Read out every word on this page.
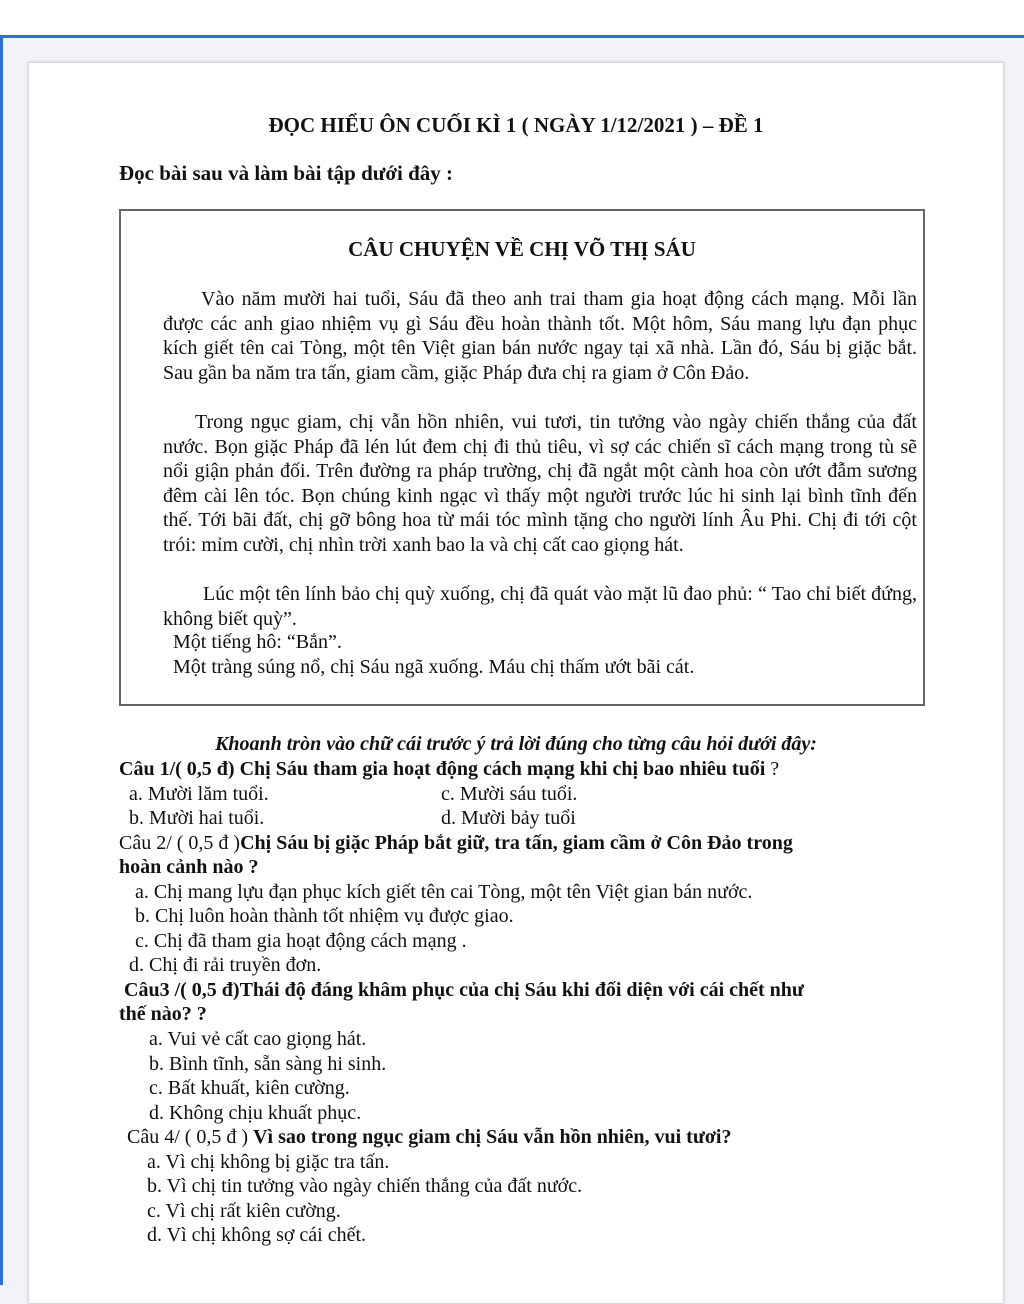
ĐỌC HIỂU ÔN CUỐI KÌ 1 ( NGÀY 1/12/2021 ) – ĐỀ 1
Đọc bài sau và làm bài tập dưới đây :
CÂU CHUYỆN VỀ CHỊ VÕ THỊ SÁU

Vào năm mười hai tuổi, Sáu đã theo anh trai tham gia hoạt động cách mạng. Mỗi lần được các anh giao nhiệm vụ gì Sáu đều hoàn thành tốt. Một hôm, Sáu mang lựu đạn phục kích giết tên cai Tòng, một tên Việt gian bán nước ngay tại xã nhà. Lần đó, Sáu bị giặc bắt. Sau gần ba năm tra tấn, giam cầm, giặc Pháp đưa chị ra giam ở Côn Đảo.

Trong ngục giam, chị vẫn hồn nhiên, vui tươi, tin tưởng vào ngày chiến thắng của đất nước. Bọn giặc Pháp đã lén lút đem chị đi thủ tiêu, vì sợ các chiến sĩ cách mạng trong tù sẽ nổi giận phản đối. Trên đường ra pháp trường, chị đã ngắt một cành hoa còn ướt đẫm sương đêm cài lên tóc. Bọn chúng kinh ngạc vì thấy một người trước lúc hi sinh lại bình tĩnh đến thế. Tới bãi đất, chị gỡ bông hoa từ mái tóc mình tặng cho người lính Âu Phi. Chị đi tới cột trói: mỉm cười, chị nhìn trời xanh bao la và chị cất cao giọng hát.

Lúc một tên lính bảo chị quỳ xuống, chị đã quát vào mặt lũ đao phủ: “ Tao chỉ biết đứng, không biết quỳ”.

Một tiếng hô: “Bắn”.
Một tràng súng nổ, chị Sáu ngã xuống. Máu chị thấm ướt bãi cát.
Khoanh tròn vào chữ cái trước ý trả lời đúng cho từng câu hỏi dưới đây:
Câu 1/( 0,5 đ) Chị Sáu tham gia hoạt động cách mạng khi chị bao nhiêu tuổi ?
a. Mười lăm tuổi.	c. Mười sáu tuổi.
b. Mười hai tuổi.	d. Mười bảy tuổi
Câu 2/ ( 0,5 đ )Chị Sáu bị giặc Pháp bắt giữ, tra tấn, giam cầm ở Côn Đảo trong
hoàn cảnh nào ?
a. Chị mang lựu đạn phục kích giết tên cai Tòng, một tên Việt gian bán nước.
b. Chị luôn hoàn thành tốt nhiệm vụ được giao.
c. Chị đã tham gia hoạt động cách mạng .
d. Chị đi rải truyền đơn.
Câu3 /( 0,5 đ)Thái độ đáng khâm phục của chị Sáu khi đối diện với cái chết như
thế nào? ?
a. Vui vẻ cất cao giọng hát.
b. Bình tĩnh, sẵn sàng hi sinh.
c. Bất khuất, kiên cường.
d. Không chịu khuất phục.
Câu 4/ ( 0,5 đ ) Vì sao trong ngục giam chị Sáu vẫn hồn nhiên, vui tươi?
a. Vì chị không bị giặc tra tấn.
b. Vì chị tin tưởng vào ngày chiến thắng của đất nước.
c. Vì chị rất kiên cường.
d. Vì chị không sợ cái chết.
